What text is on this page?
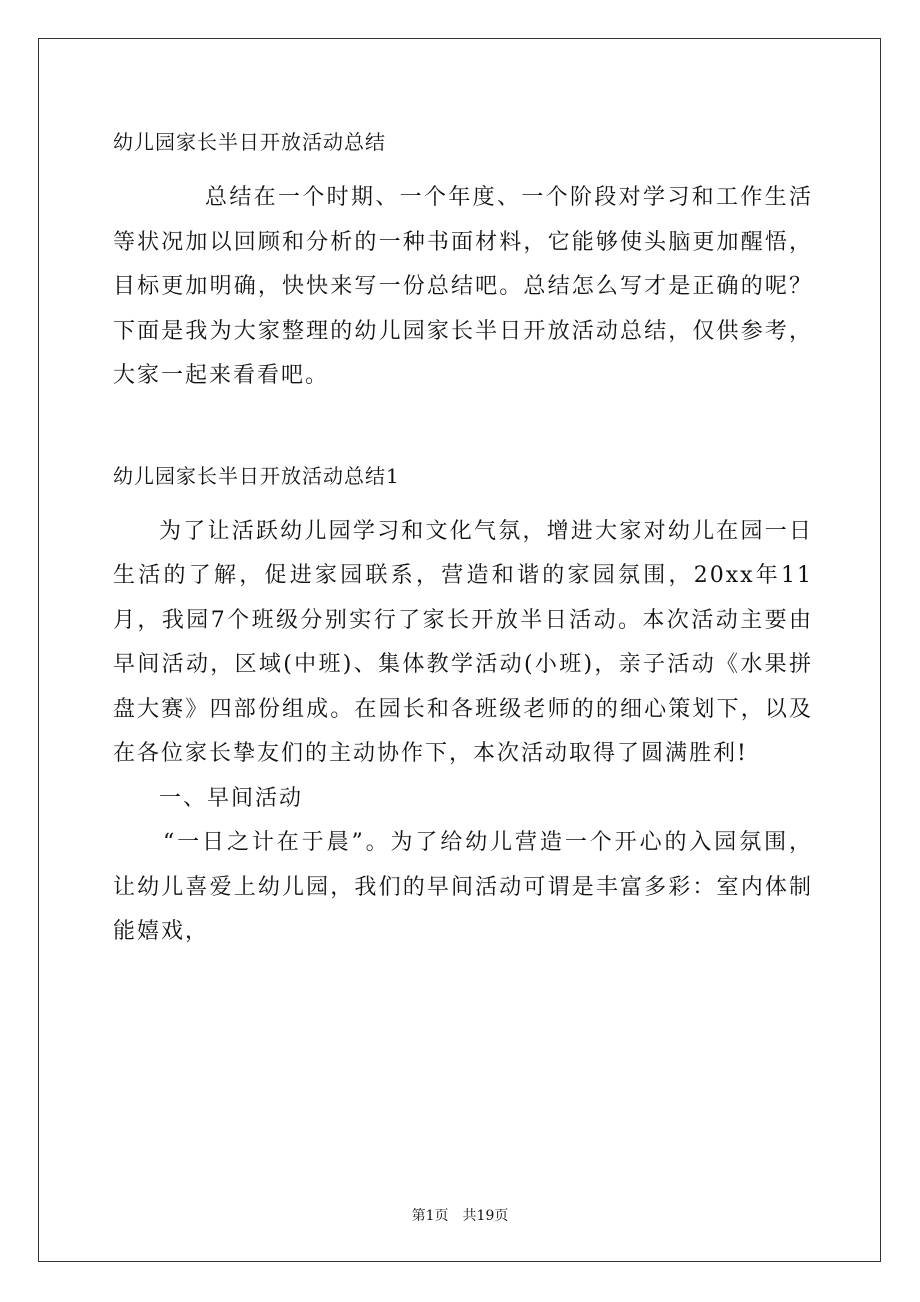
幼儿园家长半日开放活动总结

总结在一个时期、一个年度、一个阶段对学习和工作生活等状况加以回顾和分析的一种书面材料，它能够使头脑更加醒悟，目标更加明确，快快来写一份总结吧。总结怎么写才是正确的呢？下面是我为大家整理的幼儿园家长半日开放活动总结，仅供参考，大家一起来看看吧。

幼儿园家长半日开放活动总结1

为了让活跃幼儿园学习和文化气氛，增进大家对幼儿在园一日生活的了解，促进家园联系，营造和谐的家园氛围，20xx年11月，我园7个班级分别实行了家长开放半日活动。本次活动主要由早间活动，区域(中班)、集体教学活动(小班)，亲子活动《水果拼盘大赛》四部份组成。在园长和各班级老师的的细心策划下，以及在各位家长挚友们的主动协作下，本次活动取得了圆满胜利!

一、早间活动

“一日之计在于晨”。为了给幼儿营造一个开心的入园氛围，让幼儿喜爱上幼儿园，我们的早间活动可谓是丰富多彩：室内体制能嬉戏，

第1页　共19页
